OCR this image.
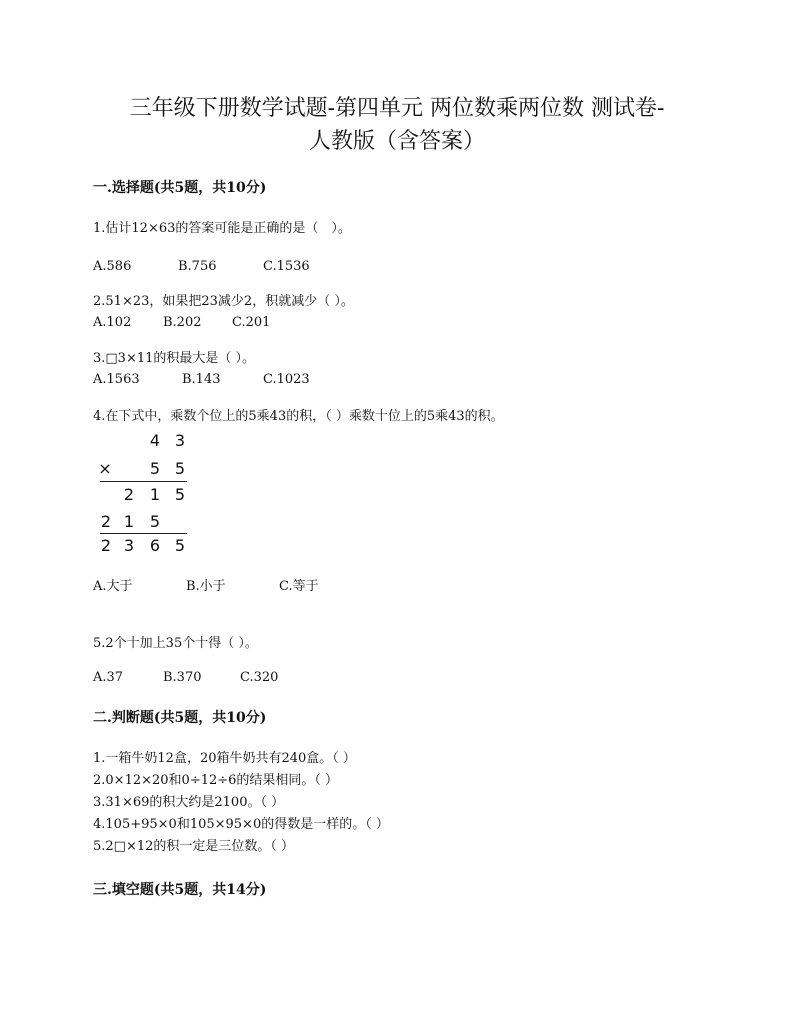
三年级下册数学试题-第四单元 两位数乘两位数 测试卷-
人教版（含答案）
一.选择题(共5题，共10分)
1.估计12×63的答案可能是正确的是（　）。
A.586	B.756	C.1536
2.51×23，如果把23减少2，积就减少（ ）。
A.102 B.202 C.201
3.□3×11的积最大是（ ）。
A.1563	B.143	C.1023
4.在下式中，乘数个位上的5乘43的积，（ ）乘数十位上的5乘43的积。
4 3
× 5 5
2 1 5
2 1 5
2 3 6 5
A.大于	B.小于	C.等于
5.2个十加上35个十得（ ）。
A.37	B.370	C.320
二.判断题(共5题，共10分)
1.一箱牛奶12盒，20箱牛奶共有240盒。（ ）
2.0×12×20和0÷12÷6的结果相同。（ ）
3.31×69的积大约是2100。（ ）
4.105+95×0和105×95×0的得数是一样的。（ ）
5.2□×12的积一定是三位数。（ ）
三.填空题(共5题，共14分)
